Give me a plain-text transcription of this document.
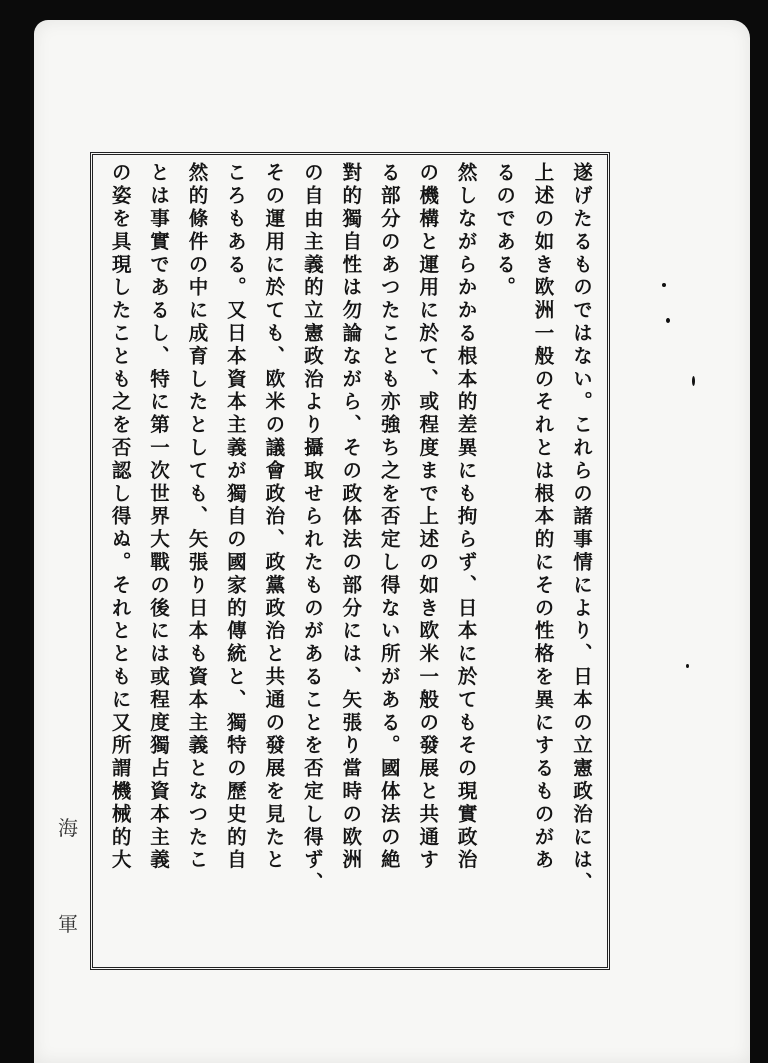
遂げたるものではない。これらの諸事情により、日本の立憲政治には、
上述の如き欧洲一般のそれとは根本的にその性格を異にするものがあ
るのである。
然しながらかかる根本的差異にも拘らず、日本に於てもその現實政治
の機構と運用に於て、或程度まで上述の如き欧米一般の發展と共通す
る部分のあつたことも亦強ち之を否定し得ない所がある。國体法の絶
對的獨自性は勿論ながら、その政体法の部分には、矢張り當時の欧洲
の自由主義的立憲政治より攝取せられたものがあることを否定し得ず、
その運用に於ても、欧米の議會政治、政黨政治と共通の發展を見たと
ころもある。又日本資本主義が獨自の國家的傳統と、獨特の歷史的自
然的條件の中に成育したとしても、矢張り日本も資本主義となつたこ
とは事實であるし、特に第一次世界大戰の後には或程度獨占資本主義
の姿を具現したことも之を否認し得ぬ。それとともに又所謂機械的大
海
軍
